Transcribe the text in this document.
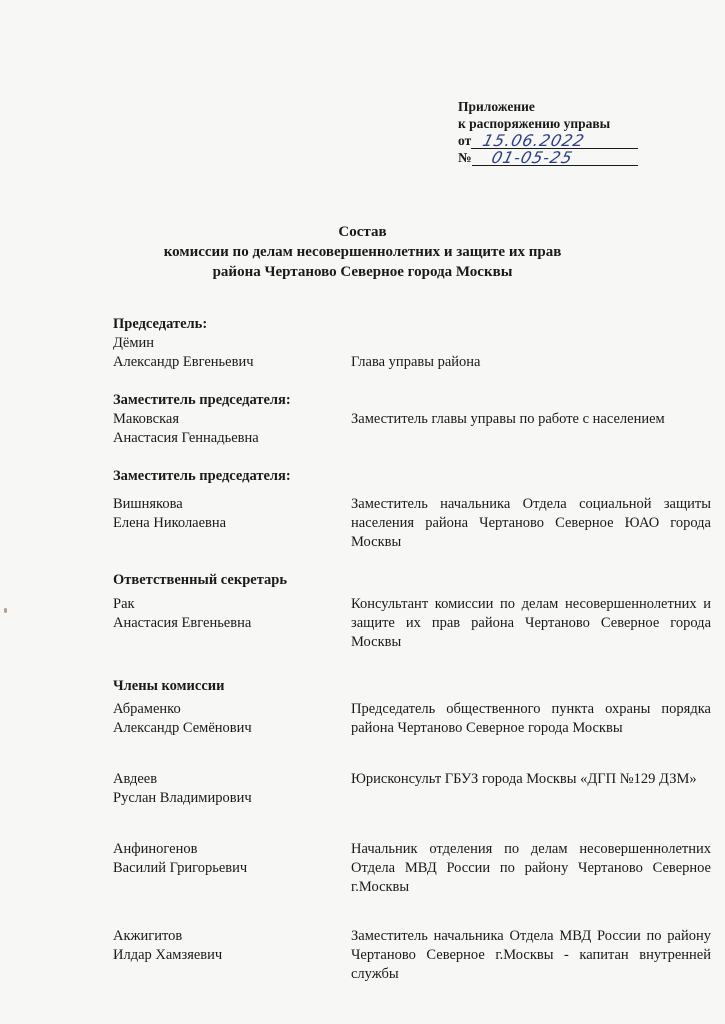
Приложение
к распоряжению управы
от 15.06.2022
№ 01-05-25
Состав
комиссии по делам несовершеннолетних и защите их прав
района Чертаново Северное города Москвы
Председатель:
Дёмин
Александр Евгеньевич	Глава управы района
Заместитель председателя:
Маковская
Анастасия Геннадьевна
Заместитель главы управы по работе с населением
Заместитель председателя:
Вишнякова
Елена Николаевна
Заместитель начальника Отдела социальной защиты населения района Чертаново Северное ЮАО города Москвы
Ответственный секретарь
Рак
Анастасия Евгеньевна
Консультант комиссии по делам несовершеннолетних и защите их прав района Чертаново Северное города Москвы
Члены комиссии
Абраменко
Александр Семёнович
Председатель общественного пункта охраны порядка района Чертаново Северное города Москвы
Авдеев
Руслан Владимирович
Юрисконсульт ГБУЗ города Москвы «ДГП №129 ДЗМ»
Анфиногенов
Василий Григорьевич
Начальник отделения по делам несовершеннолетних Отдела МВД России по району Чертаново Северное г.Москвы
Акжигитов
Илдар Хамзяевич
Заместитель начальника Отдела МВД России по району Чертаново Северное г.Москвы - капитан внутренней службы
